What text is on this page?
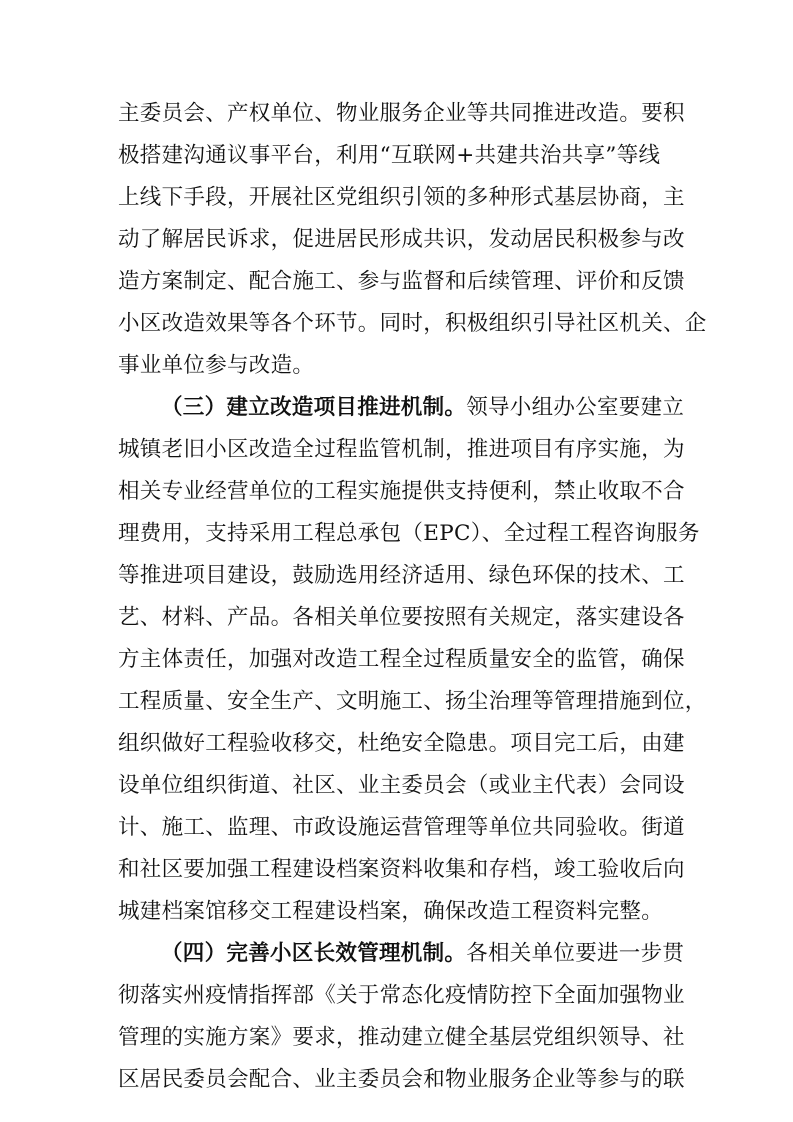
主委员会、产权单位、物业服务企业等共同推进改造。要积
极搭建沟通议事平台，利用“互联网+共建共治共享”等线
上线下手段，开展社区党组织引领的多种形式基层协商，主
动了解居民诉求，促进居民形成共识，发动居民积极参与改
造方案制定、配合施工、参与监督和后续管理、评价和反馈
小区改造效果等各个环节。同时，积极组织引导社区机关、企
事业单位参与改造。
（三）建立改造项目推进机制。领导小组办公室要建立
城镇老旧小区改造全过程监管机制，推进项目有序实施，为
相关专业经营单位的工程实施提供支持便利，禁止收取不合
理费用，支持采用工程总承包（EPC）、全过程工程咨询服务
等推进项目建设，鼓励选用经济适用、绿色环保的技术、工
艺、材料、产品。各相关单位要按照有关规定，落实建设各
方主体责任，加强对改造工程全过程质量安全的监管，确保
工程质量、安全生产、文明施工、扬尘治理等管理措施到位，
组织做好工程验收移交，杜绝安全隐患。项目完工后，由建
设单位组织街道、社区、业主委员会（或业主代表）会同设
计、施工、监理、市政设施运营管理等单位共同验收。街道
和社区要加强工程建设档案资料收集和存档，竣工验收后向
城建档案馆移交工程建设档案，确保改造工程资料完整。
（四）完善小区长效管理机制。各相关单位要进一步贯
彻落实州疫情指挥部《关于常态化疫情防控下全面加强物业
管理的实施方案》要求，推动建立健全基层党组织领导、社
区居民委员会配合、业主委员会和物业服务企业等参与的联
